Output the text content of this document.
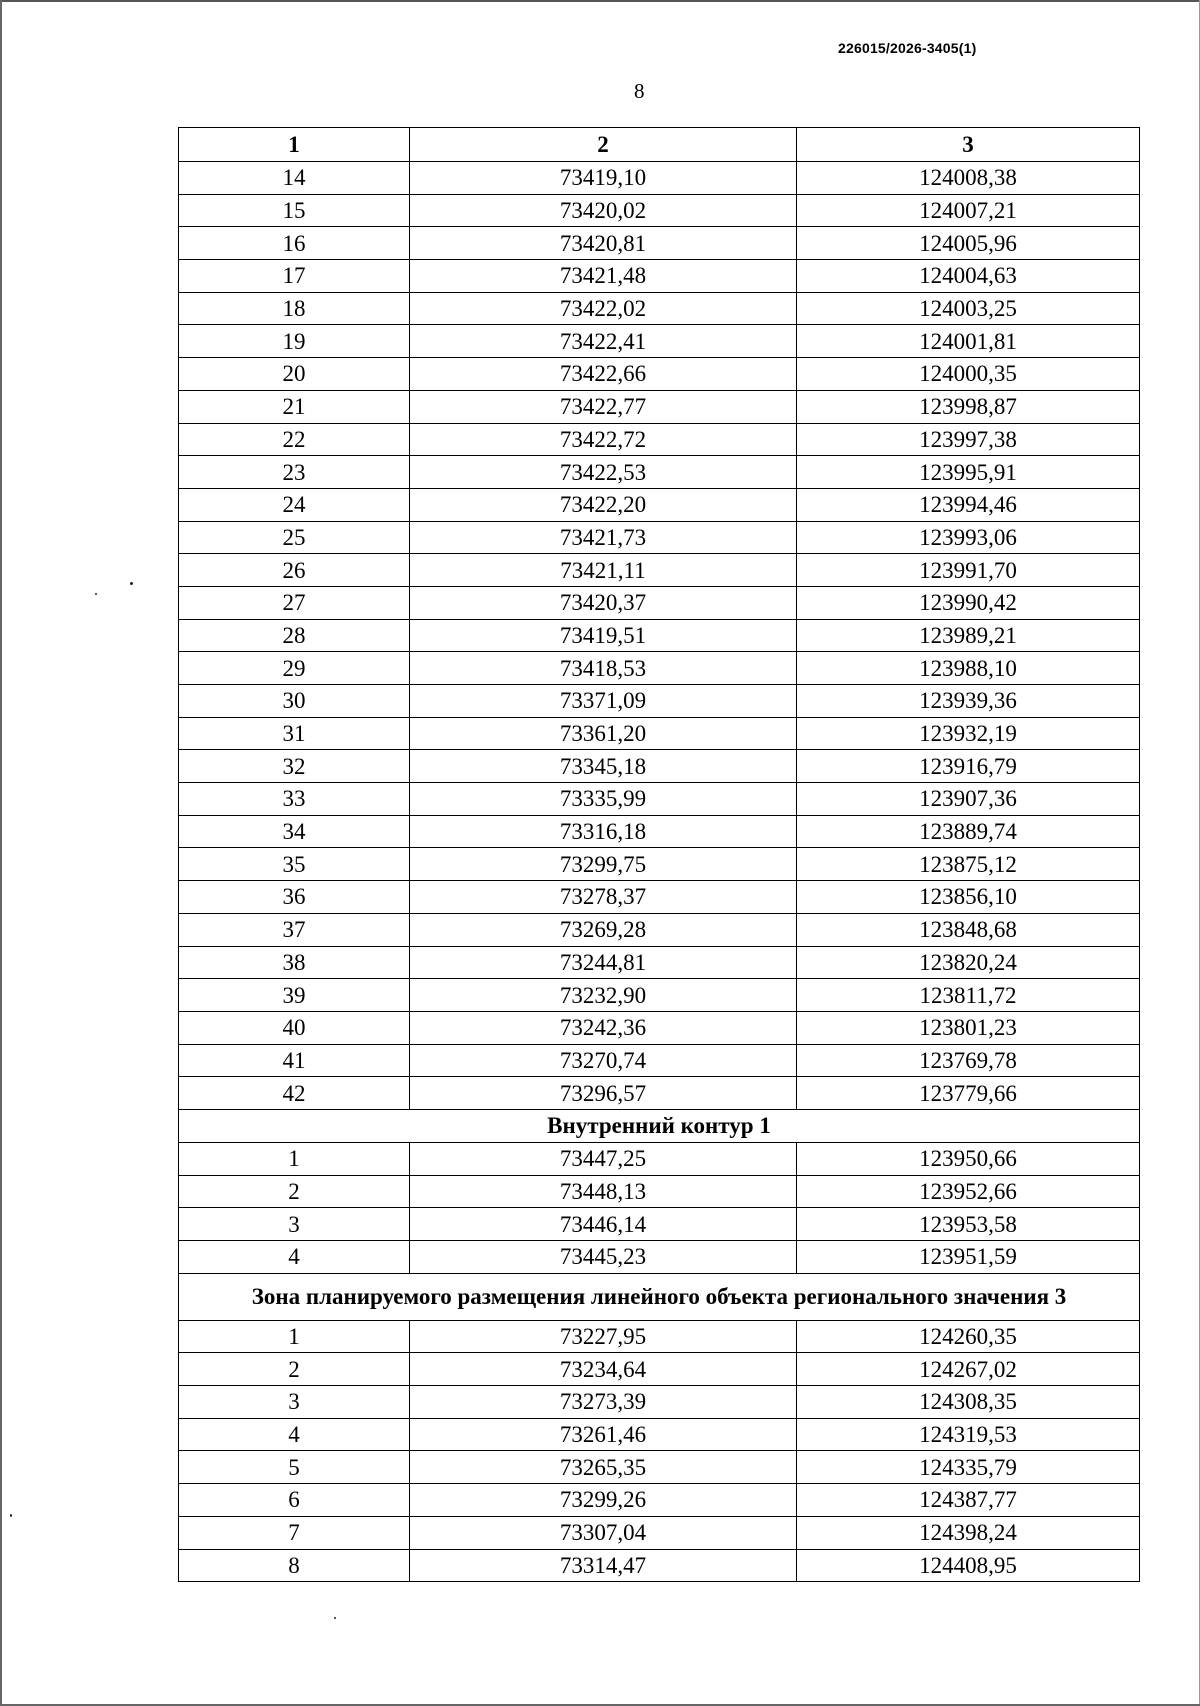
226015/2026-3405(1)
8
1	2	3
14	73419,10	124008,38
15	73420,02	124007,21
16	73420,81	124005,96
17	73421,48	124004,63
18	73422,02	124003,25
19	73422,41	124001,81
20	73422,66	124000,35
21	73422,77	123998,87
22	73422,72	123997,38
23	73422,53	123995,91
24	73422,20	123994,46
25	73421,73	123993,06
26	73421,11	123991,70
27	73420,37	123990,42
28	73419,51	123989,21
29	73418,53	123988,10
30	73371,09	123939,36
31	73361,20	123932,19
32	73345,18	123916,79
33	73335,99	123907,36
34	73316,18	123889,74
35	73299,75	123875,12
36	73278,37	123856,10
37	73269,28	123848,68
38	73244,81	123820,24
39	73232,90	123811,72
40	73242,36	123801,23
41	73270,74	123769,78
42	73296,57	123779,66
Внутренний контур 1		
1	73447,25	123950,66
2	73448,13	123952,66
3	73446,14	123953,58
4	73445,23	123951,59
Зона планируемого размещения линейного объекта регионального значения 3		
1	73227,95	124260,35
2	73234,64	124267,02
3	73273,39	124308,35
4	73261,46	124319,53
5	73265,35	124335,79
6	73299,26	124387,77
7	73307,04	124398,24
8	73314,47	124408,95
